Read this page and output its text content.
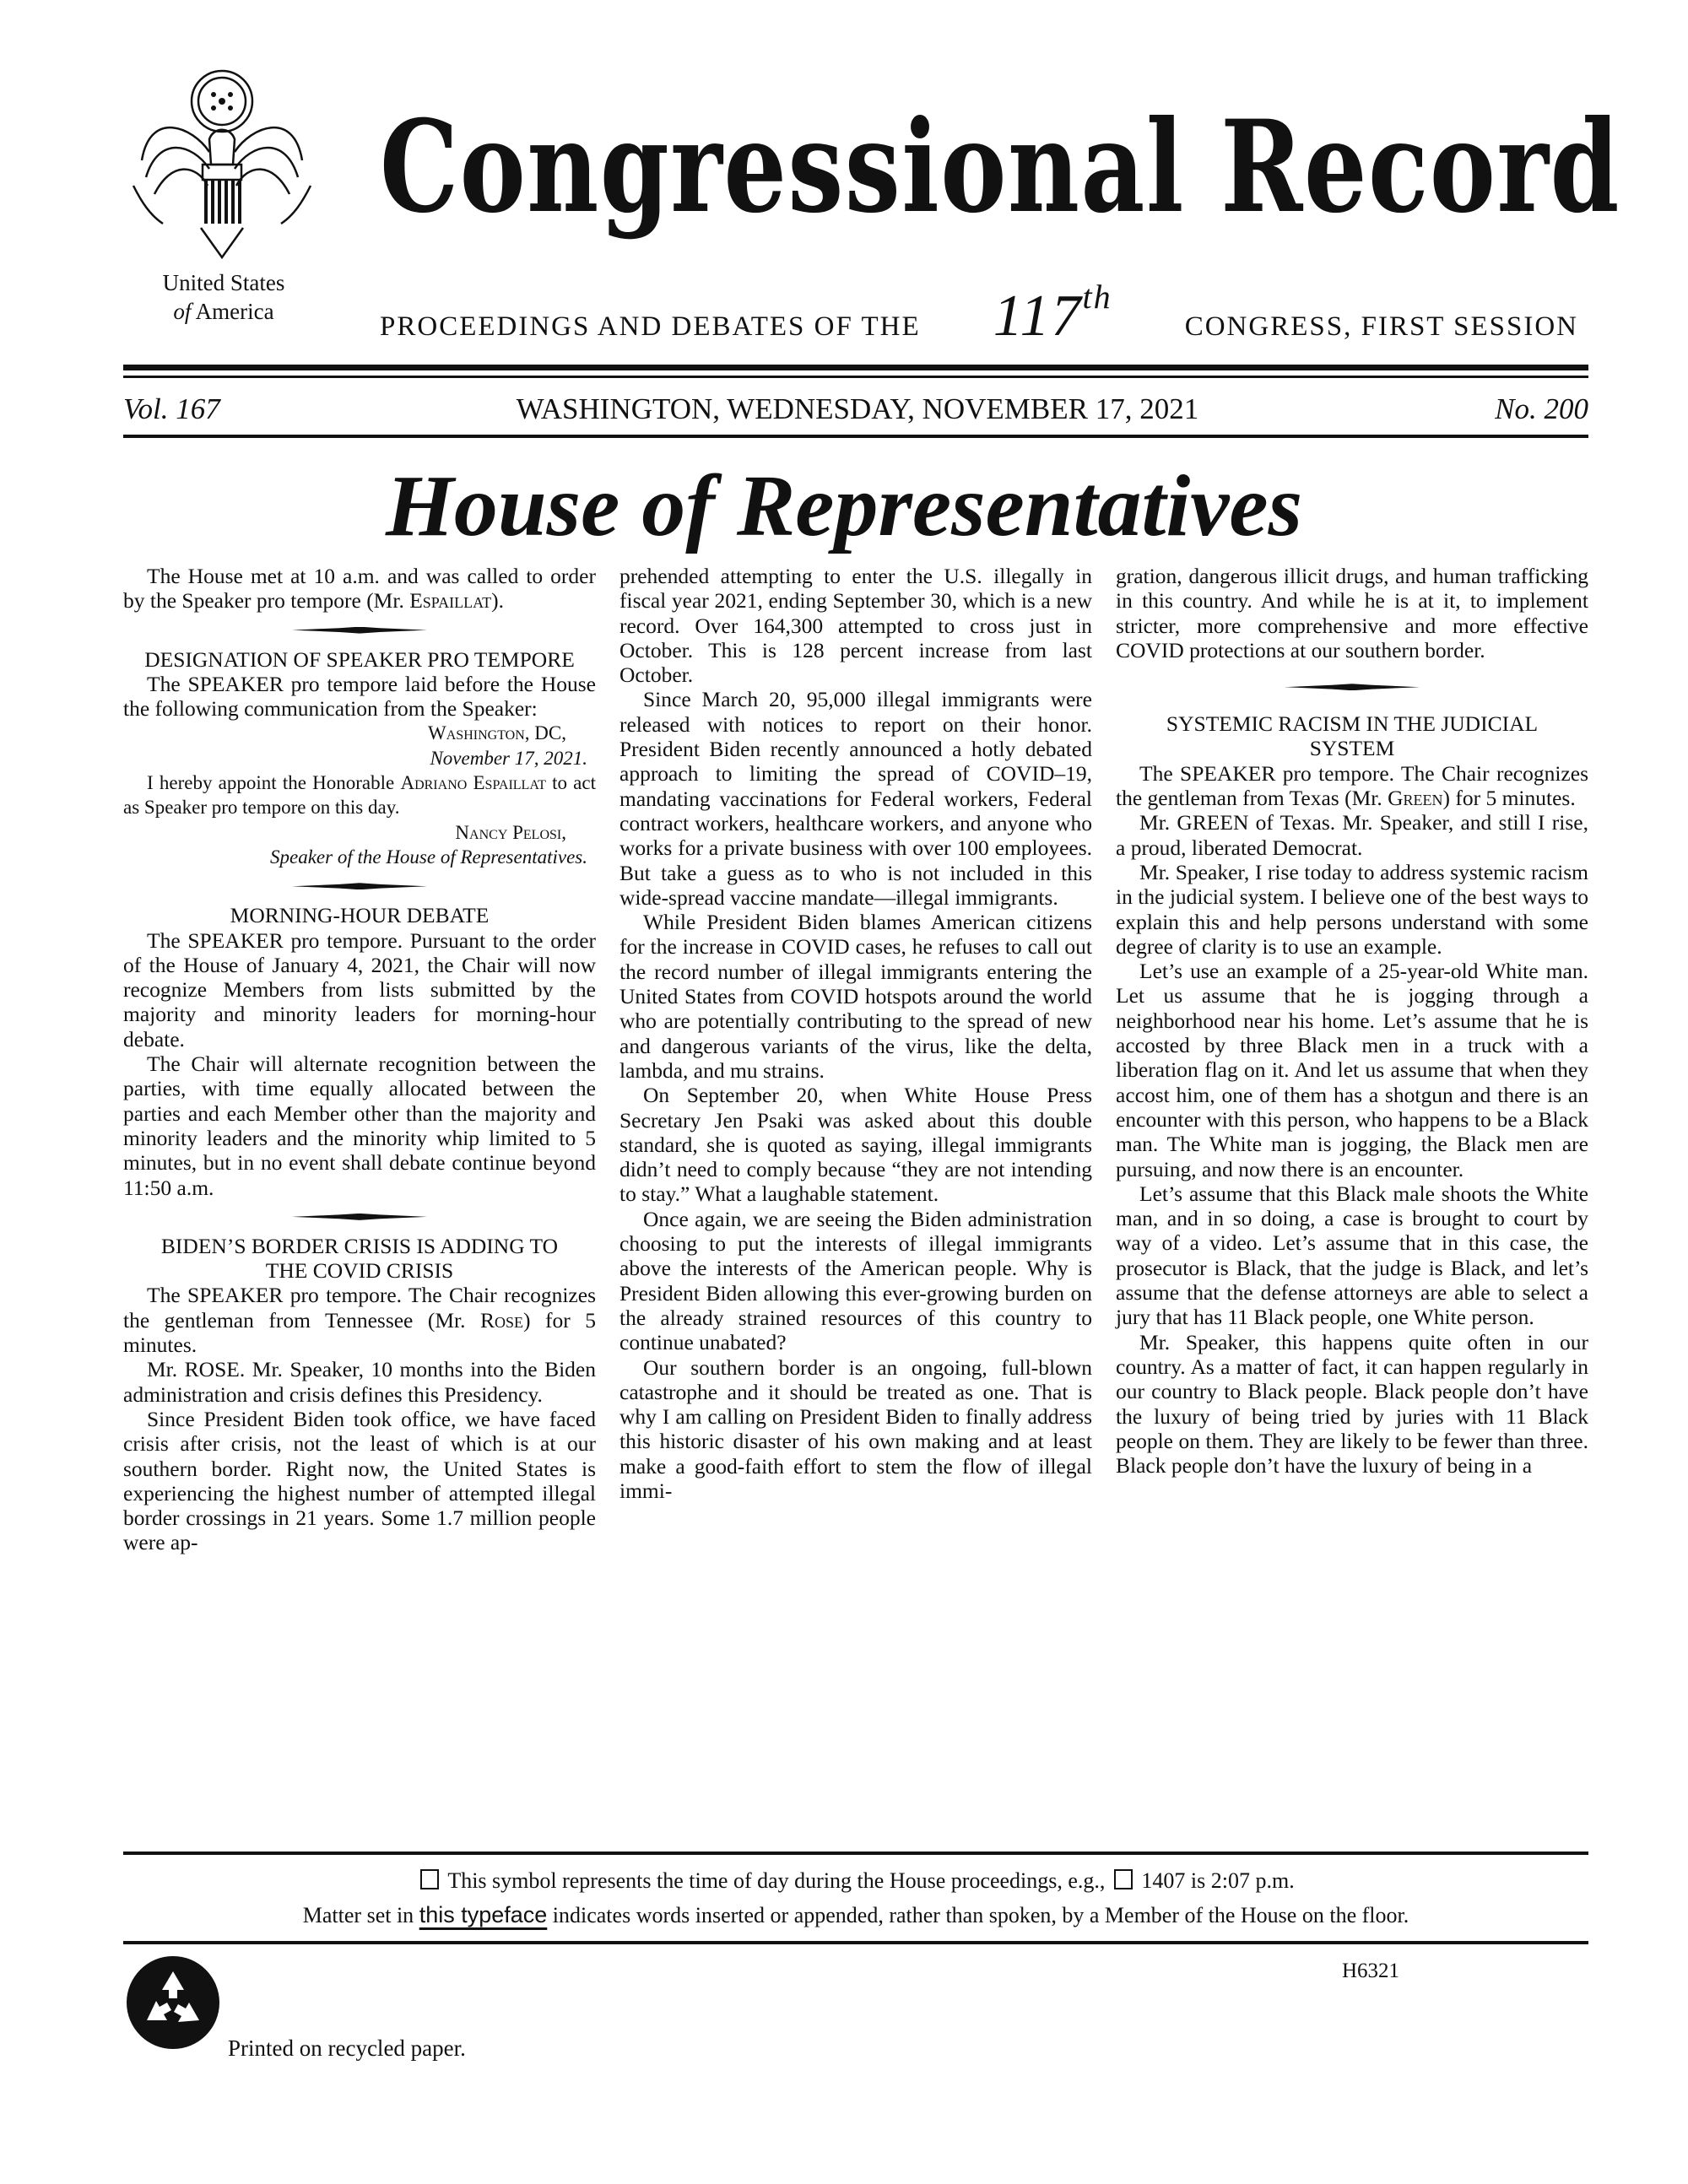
United States
of America
Congressional Record
PROCEEDINGS AND DEBATES OF THE 117th
CONGRESS, FIRST SESSION
Vol. 167	WASHINGTON, WEDNESDAY, NOVEMBER 17, 2021	No. 200
House of Representatives

The House met at 10 a.m. and was called to order by the Speaker pro tempore (Mr. Espaillat).

DESIGNATION OF SPEAKER PRO TEMPORE

The SPEAKER pro tempore laid before the House the following communication from the Speaker:

Washington, DC,
November 17, 2021.

I hereby appoint the Honorable Adriano Espaillat to act as Speaker pro tempore on this day.

Nancy Pelosi,
Speaker of the House of Representatives.
MORNING-HOUR DEBATE

The SPEAKER pro tempore. Pursuant to the order of the House of January 4, 2021, the Chair will now recognize Members from lists submitted by the majority and minority leaders for morning-hour debate.

The Chair will alternate recognition between the parties, with time equally allocated between the parties and each Member other than the majority and minority leaders and the minority whip limited to 5 minutes, but in no event shall debate continue beyond 11:50 a.m.

BIDEN’S BORDER CRISIS IS ADDING TO THE COVID CRISIS

The SPEAKER pro tempore. The Chair recognizes the gentleman from Tennessee (Mr. Rose) for 5 minutes.

Mr. ROSE. Mr. Speaker, 10 months into the Biden administration and crisis defines this Presidency.

Since President Biden took office, we have faced crisis after crisis, not the least of which is at our southern border. Right now, the United States is experiencing the highest number of attempted illegal border crossings in 21 years. Some 1.7 million people were ap-

prehended attempting to enter the U.S. illegally in fiscal year 2021, ending September 30, which is a new record. Over 164,300 attempted to cross just in October. This is 128 percent increase from last October.

Since March 20, 95,000 illegal immigrants were released with notices to report on their honor. President Biden recently announced a hotly debated approach to limiting the spread of COVID–19, mandating vaccinations for Federal workers, Federal contract workers, healthcare workers, and anyone who works for a private business with over 100 employees. But take a guess as to who is not included in this wide-spread vaccine mandate—illegal immigrants.

While President Biden blames American citizens for the increase in COVID cases, he refuses to call out the record number of illegal immigrants entering the United States from COVID hotspots around the world who are potentially contributing to the spread of new and dangerous variants of the virus, like the delta, lambda, and mu strains.

On September 20, when White House Press Secretary Jen Psaki was asked about this double standard, she is quoted as saying, illegal immigrants didn’t need to comply because “they are not intending to stay.” What a laughable statement.

Once again, we are seeing the Biden administration choosing to put the interests of illegal immigrants above the interests of the American people. Why is President Biden allowing this ever-growing burden on the already strained resources of this country to continue unabated?

Our southern border is an ongoing, full-blown catastrophe and it should be treated as one. That is why I am calling on President Biden to finally address this historic disaster of his own making and at least make a good-faith effort to stem the flow of illegal immi-

gration, dangerous illicit drugs, and human trafficking in this country. And while he is at it, to implement stricter, more comprehensive and more effective COVID protections at our southern border.

SYSTEMIC RACISM IN THE JUDICIAL SYSTEM

The SPEAKER pro tempore. The Chair recognizes the gentleman from Texas (Mr. Green) for 5 minutes.

Mr. GREEN of Texas. Mr. Speaker, and still I rise, a proud, liberated Democrat.

Mr. Speaker, I rise today to address systemic racism in the judicial system. I believe one of the best ways to explain this and help persons understand with some degree of clarity is to use an example.

Let’s use an example of a 25-year-old White man. Let us assume that he is jogging through a neighborhood near his home. Let’s assume that he is accosted by three Black men in a truck with a liberation flag on it. And let us assume that when they accost him, one of them has a shotgun and there is an encounter with this person, who happens to be a Black man. The White man is jogging, the Black men are pursuing, and now there is an encounter.

Let’s assume that this Black male shoots the White man, and in so doing, a case is brought to court by way of a video. Let’s assume that in this case, the prosecutor is Black, that the judge is Black, and let’s assume that the defense attorneys are able to select a jury that has 11 Black people, one White person.

Mr. Speaker, this happens quite often in our country. As a matter of fact, it can happen regularly in our country to Black people. Black people don’t have the luxury of being tried by juries with 11 Black people on them. They are likely to be fewer than three. Black people don’t have the luxury of being in a

This symbol represents the time of day during the House proceedings, e.g., 1407 is 2:07 p.m.
Matter set in this typeface indicates words inserted or appended, rather than spoken, by a Member of the House on the floor.
Printed on recycled paper.
H6321
